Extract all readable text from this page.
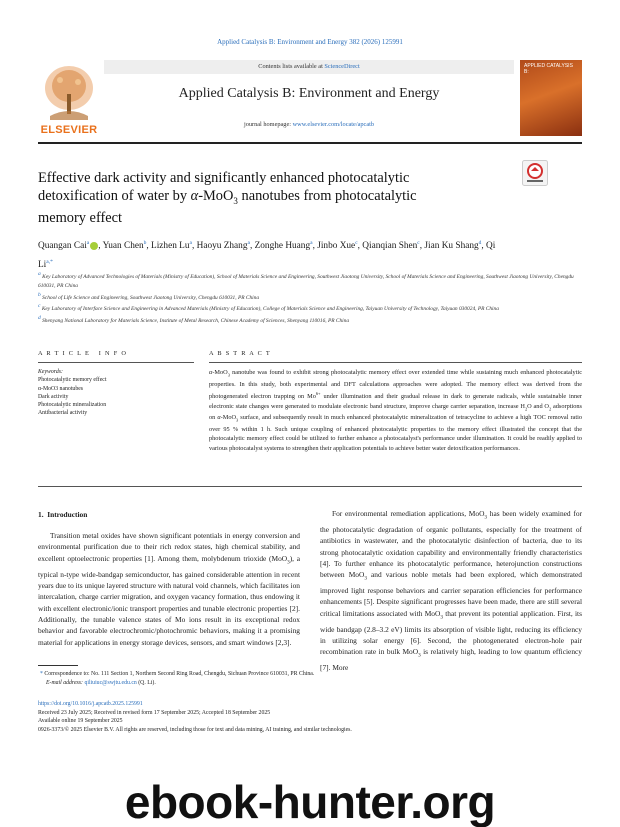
Applied Catalysis B: Environment and Energy 382 (2026) 125991
ELSEVIER
Contents lists available at ScienceDirect
Applied Catalysis B: Environment and Energy
journal homepage: www.elsevier.com/locate/apcatb
APPLIED CATALYSIS B:
Effective dark activity and significantly enhanced photocatalytic
detoxification of water by α-MoO$_3$ nanotubes from photocatalytic
memory effect
Quangan Cai$^a$ , Yuan Chen$^b$, Lizhen Lu$^a$, Haoyu Zhang$^a$, Zonghe Huang$^a$, Jinbo Xue$^c$, Qianqian Shen$^c$, Jian Ku Shang$^d$, Qi $Li^{a,*}$
$^a$ Key Laboratory of Advanced Technologies of Materials (Ministry of Education), School of Materials Science and Engineering, Southwest Jiaotong University, School of Materials Science and Engineering, Southwest Jiaotong University, Chengdu 610031, PR China
$^b$ School of Life Science and Engineering, Southwest Jiaotong University, Chengdu 610031, PR China
$^c$ Key Laboratory of Interface Science and Engineering in Advanced Materials (Ministry of Education), College of Materials Science and Engineering, Taiyuan University of Technology, Taiyuan 030024, PR China
$^d$ Shenyang National Laboratory for Materials Science, Institute of Metal Research, Chinese Academy of Sciences, Shenyang 110016, PR China
A R T I C L E   I N F O	A B S T R A C T
Keywords:
Photocatalytic memory effect
α-MoO3 nanotubes
Dark activity
Photocatalytic mineralization
Antibacterial activity
α-MoO$_3$ nanotube was found to exhibit strong photocatalytic memory effect over extended time while sustaining much enhanced photocatalytic properties. In this study, both experimental and DFT calculations approaches were adopted. The memory effect was derived from the photogenerated electron trapping on $Mo^{6+}$ under illumination and their gradual release in dark to generate radicals, while sustainable inner electronic state changes were generated to modulate electronic band structure, improve charge carrier separation, increase $H_2O$ and $O_2$ adsorptions on α-MoO$_3$ surface, and subsequently result in much enhanced photocatalytic mineralization of tetracycline to achieve a high TOC removal ratio over 95 % within 1 h. Such unique coupling of enhanced photocatalytic properties to the memory effect illustrated the concept that the photocatalytic memory effect could be utilized to further enhance a photocatalyst's performance under illumination. It could be readily applied to various photocatalyst systems to strengthen their application potentials to achieve better water detoxification performances.
1.  Introduction
Transition metal oxides have shown significant potentials in energy conversion and environmental purification due to their rich redox states, high chemical stability, and excellent optoelectronic properties [1]. Among them, molybdenum trioxide (MoO$_3$), a typical n-type wide-bandgap semiconductor, has gained considerable attention in recent years due to its unique layered structure with natural void channels, which facilitates ion intercalation, charge carrier migration, and oxygen vacancy formation, thus endowing it with excellent electronic/ionic transport properties and tunable electronic properties [2]. Additionally, the tunable valence states of Mo ions result in its exceptional redox behavior and favorable electrochromic/photochromic behaviors, making it a promising material for applications in energy storage devices, sensors, and smart windows [2,3].
For environmental remediation applications, MoO$_3$ has been widely examined for the photocatalytic degradation of organic pollutants, especially for the treatment of antibiotics in wastewater, and the photocatalytic disinfection of bacteria, due to its strong photocatalytic oxidation capability and environmentally friendly characteristics [4]. To further enhance its photocatalytic performance, heterojunction constructions between MoO$_3$ and various noble metals had been explored, which demonstrated improved light response behaviors and carrier separation efficiencies for performance enhancements [5]. Despite significant progresses have been made, there are still several critical limitations associated with MoO$_3$ that prevent its potential application. First, its wide bandgap (2.8–3.2 eV) limits its absorption of visible light, reducing its efficiency in utilizing solar energy [6]. Second, the photogenerated electron-hole pair recombination rate in bulk MoO$_3$ is relatively high, leading to low quantum efficiency [7]. More
* Correspondence to: No. 111 Section 1, Northern Second Ring Road, Chengdu, Sichuan Province 610031, PR China.
E-mail address: qiliuiuc@swjtu.edu.cn (Q. Li).
https://doi.org/10.1016/j.apcatb.2025.125991
Received 23 July 2025; Received in revised form 17 September 2025; Accepted 18 September 2025
Available online 19 September 2025
0926-3373/© 2025 Elsevier B.V. All rights are reserved, including those for text and data mining, AI training, and similar technologies.
ebook-hunter.org
